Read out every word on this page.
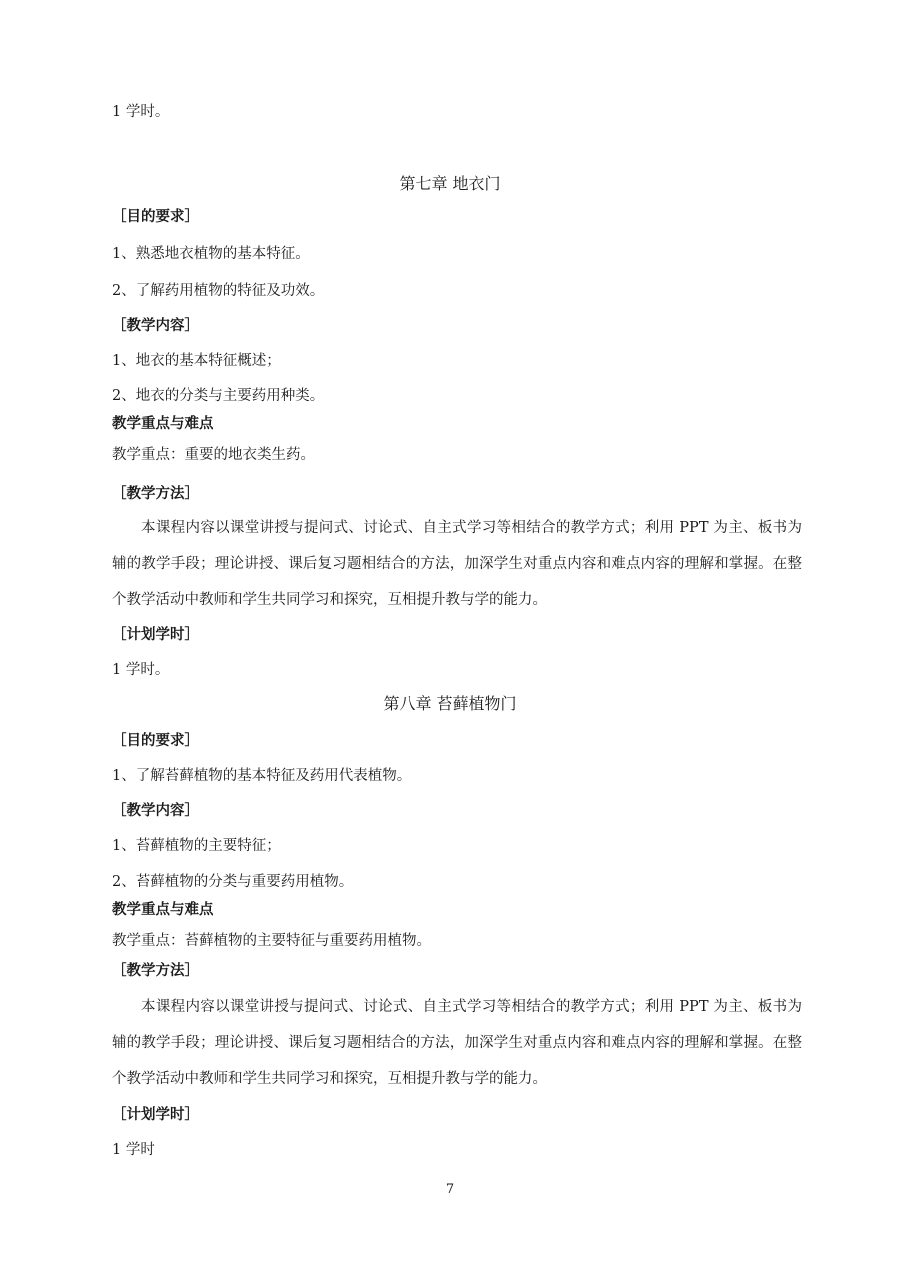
1 学时。
第七章 地衣门
［目的要求］
1、熟悉地衣植物的基本特征。
2、了解药用植物的特征及功效。
［教学内容］
1、地衣的基本特征概述；
2、地衣的分类与主要药用种类。
教学重点与难点
教学重点：重要的地衣类生药。
［教学方法］
本课程内容以课堂讲授与提问式、讨论式、自主式学习等相结合的教学方式；利用 PPT 为主、板书为辅的教学手段；理论讲授、课后复习题相结合的方法，加深学生对重点内容和难点内容的理解和掌握。在整个教学活动中教师和学生共同学习和探究，互相提升教与学的能力。
［计划学时］
1 学时。
第八章 苔藓植物门
［目的要求］
1、了解苔藓植物的基本特征及药用代表植物。
［教学内容］
1、苔藓植物的主要特征；
2、苔藓植物的分类与重要药用植物。
教学重点与难点
教学重点：苔藓植物的主要特征与重要药用植物。
［教学方法］
本课程内容以课堂讲授与提问式、讨论式、自主式学习等相结合的教学方式；利用 PPT 为主、板书为辅的教学手段；理论讲授、课后复习题相结合的方法，加深学生对重点内容和难点内容的理解和掌握。在整个教学活动中教师和学生共同学习和探究，互相提升教与学的能力。
［计划学时］
1 学时
7
